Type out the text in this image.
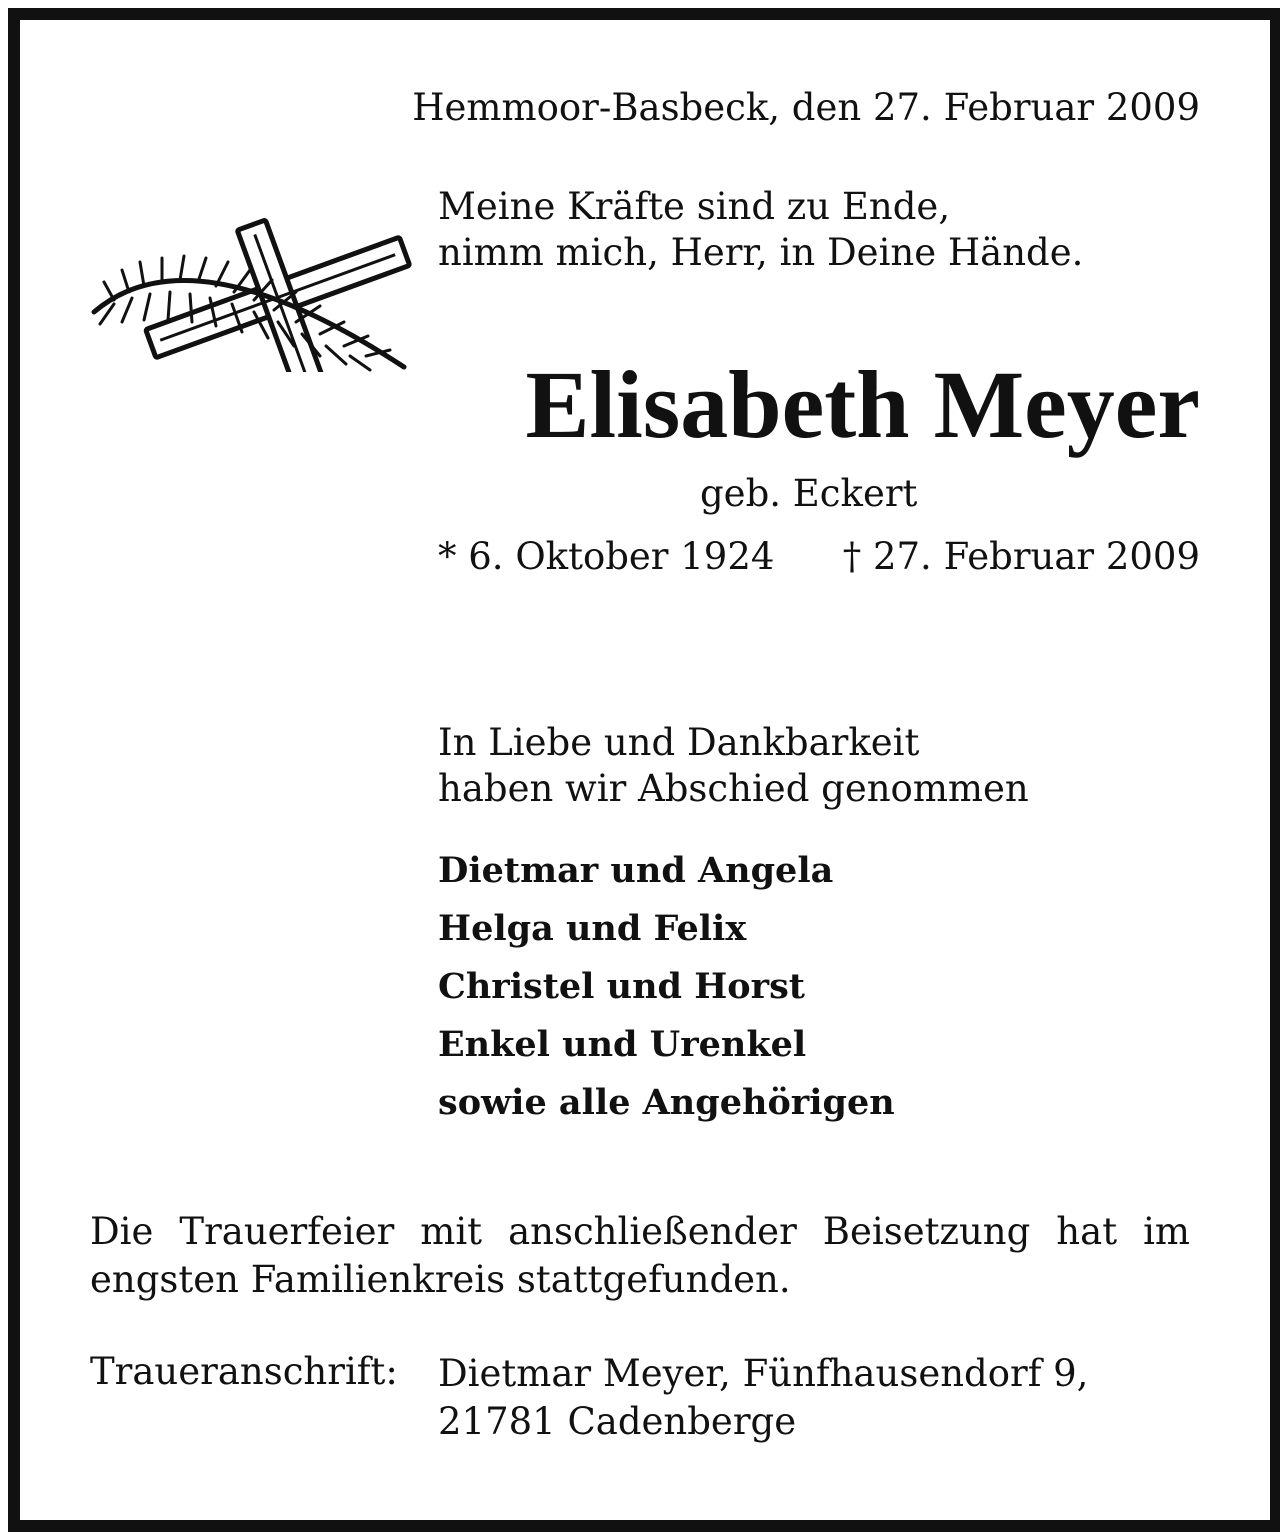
Hemmoor-Basbeck, den 27. Februar 2009
Meine Kräfte sind zu Ende,
nimm mich, Herr, in Deine Hände.
Elisabeth Meyer
geb. Eckert
* 6. Oktober 1924 † 27. Februar 2009
In Liebe und Dankbarkeit
haben wir Abschied genommen
Dietmar und Angela
Helga und Felix
Christel und Horst
Enkel und Urenkel
sowie alle Angehörigen
Die Trauerfeier mit anschließender Beisetzung hat im engsten Familienkreis stattgefunden.
Traueranschrift: Dietmar Meyer, Fünfhausendorf 9,
21781 Cadenberge
